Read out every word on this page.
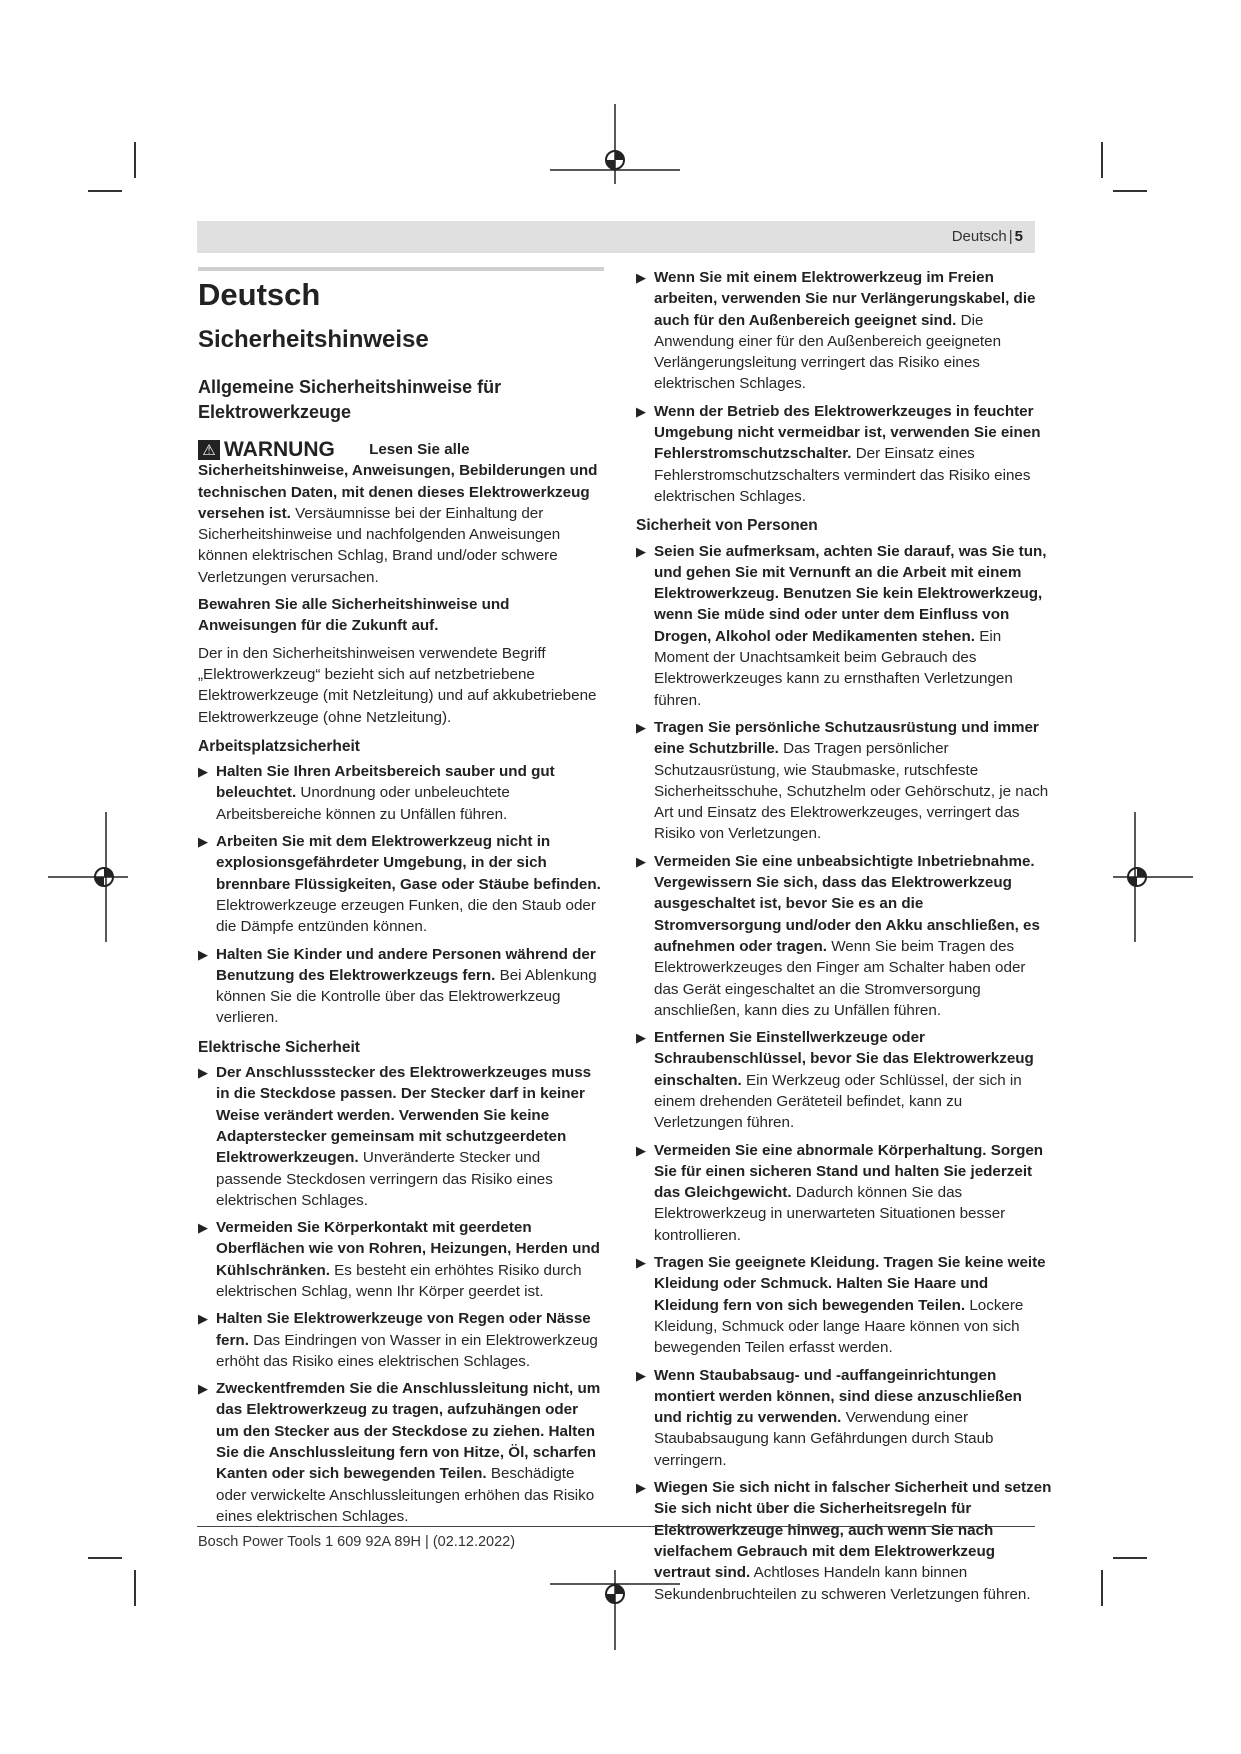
Deutsch | 5
Deutsch
Sicherheitshinweise
Allgemeine Sicherheitshinweise für Elektrowerkzeuge

⚠ WARNUNG Lesen Sie alle Sicherheitshinweise, Anweisungen, Bebilderungen und technischen Daten, mit denen dieses Elektrowerkzeug versehen ist. Versäumnisse bei der Einhaltung der Sicherheitshinweise und nachfolgenden Anweisungen können elektrischen Schlag, Brand und/oder schwere Verletzungen verursachen.

Bewahren Sie alle Sicherheitshinweise und Anweisungen für die Zukunft auf.

Der in den Sicherheitshinweisen verwendete Begriff „Elektrowerkzeug“ bezieht sich auf netzbetriebene Elektrowerkzeuge (mit Netzleitung) und auf akkubetriebene Elektrowerkzeuge (ohne Netzleitung).

Arbeitsplatzsicherheit
▶ Halten Sie Ihren Arbeitsbereich sauber und gut beleuchtet. Unordnung oder unbeleuchtete Arbeitsbereiche können zu Unfällen führen.
▶ Arbeiten Sie mit dem Elektrowerkzeug nicht in explosionsgefährdeter Umgebung, in der sich brennbare Flüssigkeiten, Gase oder Stäube befinden. Elektrowerkzeuge erzeugen Funken, die den Staub oder die Dämpfe entzünden können.
▶ Halten Sie Kinder und andere Personen während der Benutzung des Elektrowerkzeugs fern. Bei Ablenkung können Sie die Kontrolle über das Elektrowerkzeug verlieren.
Elektrische Sicherheit
▶ Der Anschlussstecker des Elektrowerkzeuges muss in die Steckdose passen. Der Stecker darf in keiner Weise verändert werden. Verwenden Sie keine Adapterstecker gemeinsam mit schutzgeerdeten Elektrowerkzeugen. Unveränderte Stecker und passende Steckdosen verringern das Risiko eines elektrischen Schlages.
▶ Vermeiden Sie Körperkontakt mit geerdeten Oberflächen wie von Rohren, Heizungen, Herden und Kühlschränken. Es besteht ein erhöhtes Risiko durch elektrischen Schlag, wenn Ihr Körper geerdet ist.
▶ Halten Sie Elektrowerkzeuge von Regen oder Nässe fern. Das Eindringen von Wasser in ein Elektrowerkzeug erhöht das Risiko eines elektrischen Schlages.
▶ Zweckentfremden Sie die Anschlussleitung nicht, um das Elektrowerkzeug zu tragen, aufzuhängen oder um den Stecker aus der Steckdose zu ziehen. Halten Sie die Anschlussleitung fern von Hitze, Öl, scharfen Kanten oder sich bewegenden Teilen. Beschädigte oder verwickelte Anschlussleitungen erhöhen das Risiko eines elektrischen Schlages.
▶ Wenn Sie mit einem Elektrowerkzeug im Freien arbeiten, verwenden Sie nur Verlängerungskabel, die auch für den Außenbereich geeignet sind. Die Anwendung einer für den Außenbereich geeigneten Verlängerungsleitung verringert das Risiko eines elektrischen Schlages.
▶ Wenn der Betrieb des Elektrowerkzeuges in feuchter Umgebung nicht vermeidbar ist, verwenden Sie einen Fehlerstromschutzschalter. Der Einsatz eines Fehlerstromschutzschalters vermindert das Risiko eines elektrischen Schlages.
Sicherheit von Personen
▶ Seien Sie aufmerksam, achten Sie darauf, was Sie tun, und gehen Sie mit Vernunft an die Arbeit mit einem Elektrowerkzeug. Benutzen Sie kein Elektrowerkzeug, wenn Sie müde sind oder unter dem Einfluss von Drogen, Alkohol oder Medikamenten stehen. Ein Moment der Unachtsamkeit beim Gebrauch des Elektrowerkzeuges kann zu ernsthaften Verletzungen führen.
▶ Tragen Sie persönliche Schutzausrüstung und immer eine Schutzbrille. Das Tragen persönlicher Schutzausrüstung, wie Staubmaske, rutschfeste Sicherheitsschuhe, Schutzhelm oder Gehörschutz, je nach Art und Einsatz des Elektrowerkzeuges, verringert das Risiko von Verletzungen.
▶ Vermeiden Sie eine unbeabsichtigte Inbetriebnahme. Vergewissern Sie sich, dass das Elektrowerkzeug ausgeschaltet ist, bevor Sie es an die Stromversorgung und/oder den Akku anschließen, es aufnehmen oder tragen. Wenn Sie beim Tragen des Elektrowerkzeuges den Finger am Schalter haben oder das Gerät eingeschaltet an die Stromversorgung anschließen, kann dies zu Unfällen führen.
▶ Entfernen Sie Einstellwerkzeuge oder Schraubenschlüssel, bevor Sie das Elektrowerkzeug einschalten. Ein Werkzeug oder Schlüssel, der sich in einem drehenden Geräteteil befindet, kann zu Verletzungen führen.
▶ Vermeiden Sie eine abnormale Körperhaltung. Sorgen Sie für einen sicheren Stand und halten Sie jederzeit das Gleichgewicht. Dadurch können Sie das Elektrowerkzeug in unerwarteten Situationen besser kontrollieren.
▶ Tragen Sie geeignete Kleidung. Tragen Sie keine weite Kleidung oder Schmuck. Halten Sie Haare und Kleidung fern von sich bewegenden Teilen. Lockere Kleidung, Schmuck oder lange Haare können von sich bewegenden Teilen erfasst werden.
▶ Wenn Staubabsaug- und -auffangeinrichtungen montiert werden können, sind diese anzuschließen und richtig zu verwenden. Verwendung einer Staubabsaugung kann Gefährdungen durch Staub verringern.
▶ Wiegen Sie sich nicht in falscher Sicherheit und setzen Sie sich nicht über die Sicherheitsregeln für Elektrowerkzeuge hinweg, auch wenn Sie nach vielfachem Gebrauch mit dem Elektrowerkzeug vertraut sind. Achtloses Handeln kann binnen Sekundenbruchteilen zu schweren Verletzungen führen.
Bosch Power Tools 1 609 92A 89H | (02.12.2022)
